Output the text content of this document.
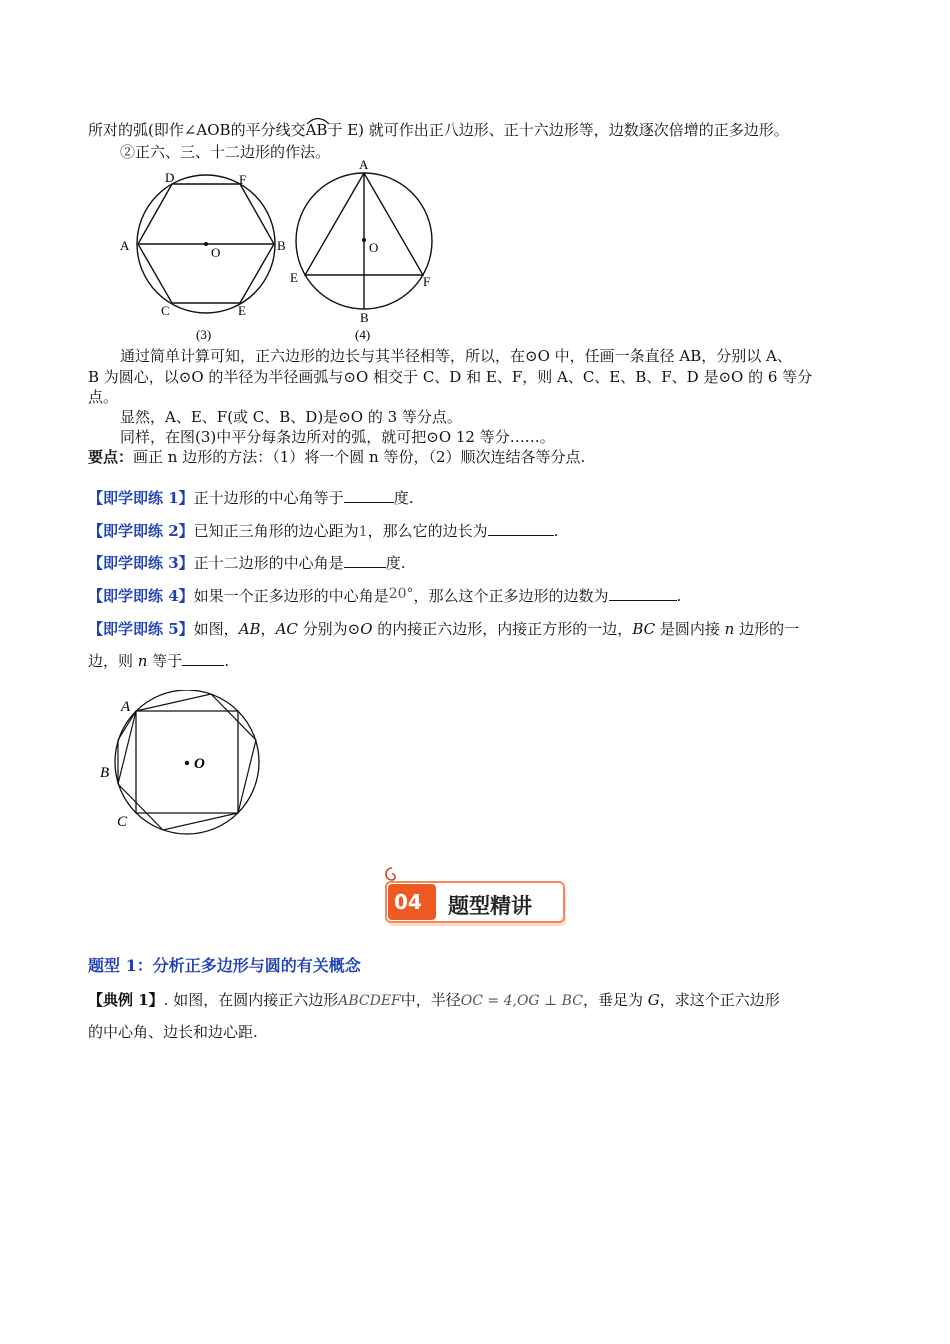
所对的弧(即作∠AOB的平分线交
AB于 E) 就可作出正八边形、正十六边形等，边数逐次倍增的正多边形。
②正六、三、十二边形的作法。
D	F
A	O	B
C	E
(3)
A
O
E	F
B
(4)
通过简单计算可知，正六边形的边长与其半径相等，所以，在⊙O 中，任画一条直径 AB，分别以 A、
B 为圆心，以⊙O 的半径为半径画弧与⊙O 相交于 C、D 和 E、F，则 A、C、E、B、F、D 是⊙O 的 6 等分
点。
显然，A、E、F(或 C、B、D)是⊙O 的 3 等分点。
同样，在图(3)中平分每条边所对的弧，就可把⊙O 12 等分……。
要点：画正 n 边形的方法：（1）将一个圆 n 等份，（2）顺次连结各等分点.
【即学即练 1】正十边形的中心角等于	度.
【即学即练 2】已知正三角形的边心距为1，那么它的边长为	.
【即学即练 3】正十二边形的中心角是	度.
【即学即练 4】如果一个正多边形的中心角是20°，那么这个正多边形的边数为	.
【即学即练 5】如图，AB，AC 分别为⊙O 的内接正六边形，内接正方形的一边，BC 是圆内接 n 边形的一
边，则 n 等于	.
A
B
C
O
04 题型精讲
题型 1：分析正多边形与圆的有关概念
【典例 1】. 如图，在圆内接正六边形ABCDEF中，半径OC = 4,OG ⊥ BC，垂足为 G，求这个正六边形
的中心角、边长和边心距.
